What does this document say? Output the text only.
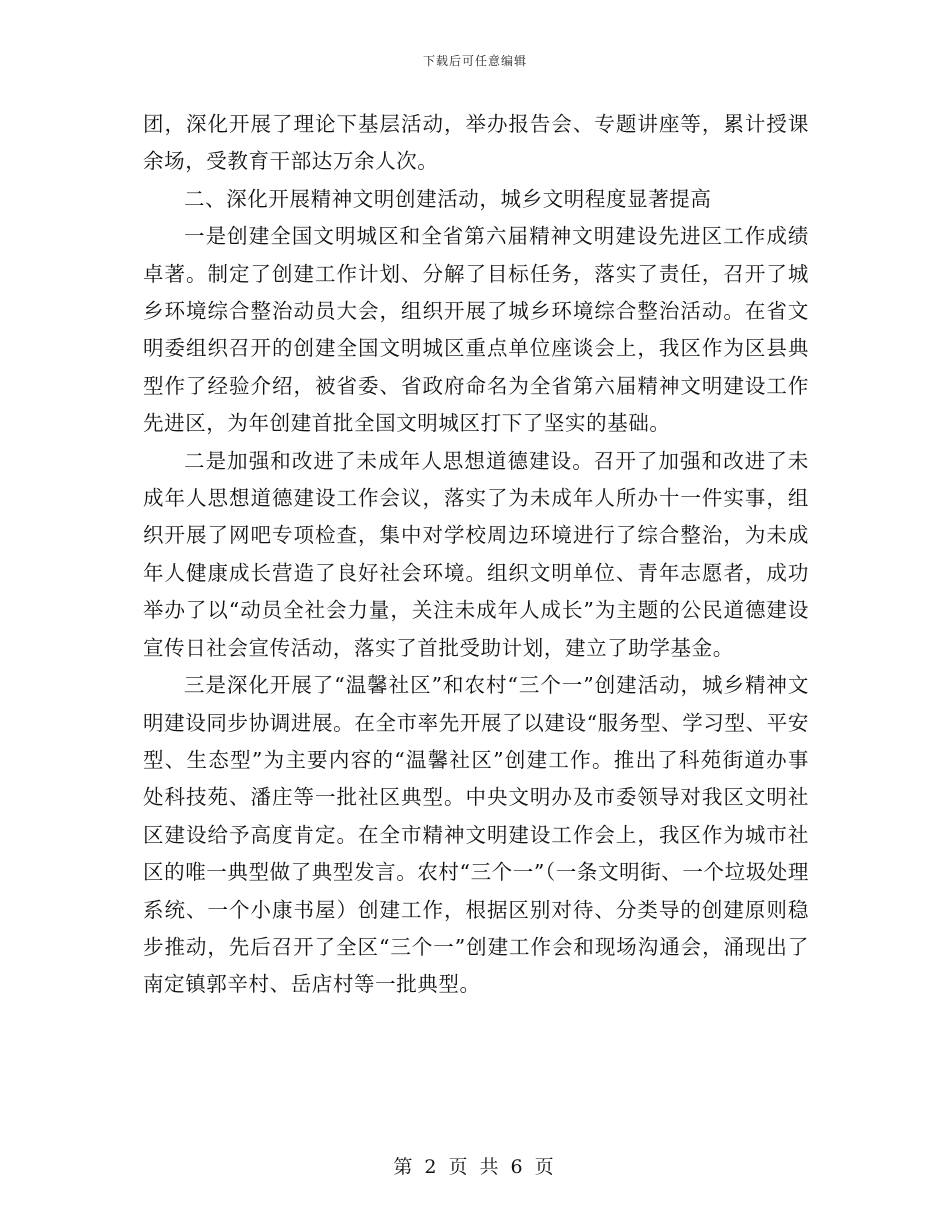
下载后可任意编辑

团，深化开展了理论下基层活动，举办报告会、专题讲座等，累计授课余场，受教育干部达万余人次。

二、深化开展精神文明创建活动，城乡文明程度显著提高

一是创建全国文明城区和全省第六届精神文明建设先进区工作成绩卓著。制定了创建工作计划、分解了目标任务，落实了责任，召开了城乡环境综合整治动员大会，组织开展了城乡环境综合整治活动。在省文明委组织召开的创建全国文明城区重点单位座谈会上，我区作为区县典型作了经验介绍，被省委、省政府命名为全省第六届精神文明建设工作先进区，为年创建首批全国文明城区打下了坚实的基础。

二是加强和改进了未成年人思想道德建设。召开了加强和改进了未成年人思想道德建设工作会议，落实了为未成年人所办十一件实事，组织开展了网吧专项检查，集中对学校周边环境进行了综合整治，为未成年人健康成长营造了良好社会环境。组织文明单位、青年志愿者，成功举办了以“动员全社会力量，关注未成年人成长”为主题的公民道德建设宣传日社会宣传活动，落实了首批受助计划，建立了助学基金。

三是深化开展了“温馨社区”和农村“三个一”创建活动，城乡精神文明建设同步协调进展。在全市率先开展了以建设“服务型、学习型、平安型、生态型”为主要内容的“温馨社区”创建工作。推出了科苑街道办事处科技苑、潘庄等一批社区典型。中央文明办及市委领导对我区文明社区建设给予高度肯定。在全市精神文明建设工作会上，我区作为城市社区的唯一典型做了典型发言。农村“三个一”（一条文明街、一个垃圾处理系统、一个小康书屋）创建工作，根据区别对待、分类导的创建原则稳步推动，先后召开了全区“三个一”创建工作会和现场沟通会，涌现出了南定镇郭辛村、岳店村等一批典型。

第 2 页 共 6 页
